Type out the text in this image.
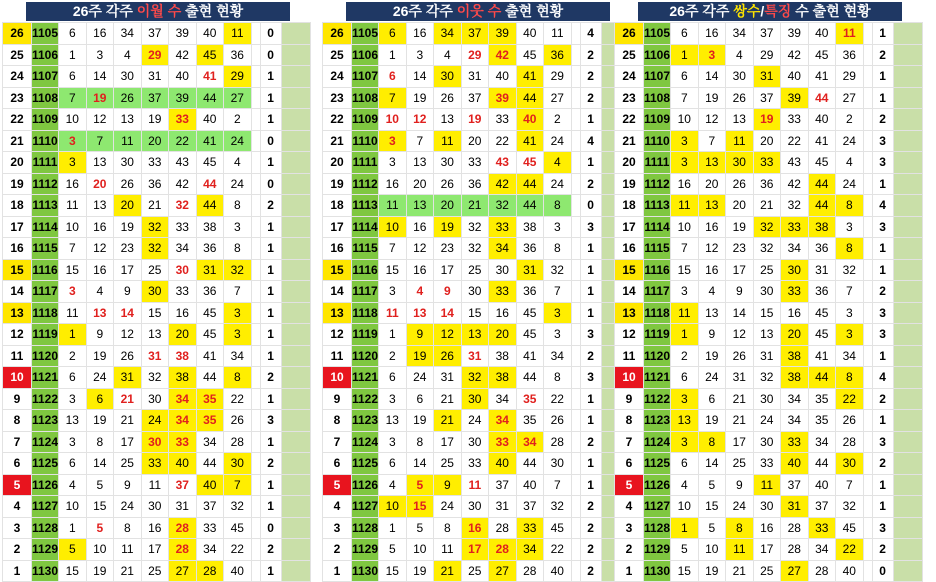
26주 각주 이월 수 출현 현황
26	1105	6	16	34	37	39	40	11		0	
25	1106	1	3	4	29	42	45	36		0	
24	1107	6	14	30	31	40	41	29		1	
23	1108	7	19	26	37	39	44	27		1	
22	1109	10	12	13	19	33	40	2		1	
21	1110	3	7	11	20	22	41	24		0	
20	1111	3	13	30	33	43	45	4		1	
19	1112	16	20	26	36	42	44	24		0	
18	1113	11	13	20	21	32	44	8		2	
17	1114	10	16	19	32	33	38	3		1	
16	1115	7	12	23	32	34	36	8		1	
15	1116	15	16	17	25	30	31	32		1	
14	1117	3	4	9	30	33	36	7		1	
13	1118	11	13	14	15	16	45	3		1	
12	1119	1	9	12	13	20	45	3		1	
11	1120	2	19	26	31	38	41	34		1	
10	1121	6	24	31	32	38	44	8		2	
9	1122	3	6	21	30	34	35	22		1	
8	1123	13	19	21	24	34	35	26		3	
7	1124	3	8	17	30	33	34	28		1	
6	1125	6	14	25	33	40	44	30		2	
5	1126	4	5	9	11	37	40	7		1	
4	1127	10	15	24	30	31	37	32		1	
3	1128	1	5	8	16	28	33	45		0	
2	1129	5	10	11	17	28	34	22		2	
1	1130	15	19	21	25	27	28	40		1	
26주 각주 이웃 수 출현 현황
26	1105	6	16	34	37	39	40	11		4	
25	1106	1	3	4	29	42	45	36		2	
24	1107	6	14	30	31	40	41	29		2	
23	1108	7	19	26	37	39	44	27		2	
22	1109	10	12	13	19	33	40	2		1	
21	1110	3	7	11	20	22	41	24		4	
20	1111	3	13	30	33	43	45	4		1	
19	1112	16	20	26	36	42	44	24		2	
18	1113	11	13	20	21	32	44	8		0	
17	1114	10	16	19	32	33	38	3		3	
16	1115	7	12	23	32	34	36	8		1	
15	1116	15	16	17	25	30	31	32		1	
14	1117	3	4	9	30	33	36	7		1	
13	1118	11	13	14	15	16	45	3		1	
12	1119	1	9	12	13	20	45	3		3	
11	1120	2	19	26	31	38	41	34		2	
10	1121	6	24	31	32	38	44	8		3	
9	1122	3	6	21	30	34	35	22		1	
8	1123	13	19	21	24	34	35	26		1	
7	1124	3	8	17	30	33	34	28		2	
6	1125	6	14	25	33	40	44	30		1	
5	1126	4	5	9	11	37	40	7		1	
4	1127	10	15	24	30	31	37	32		2	
3	1128	1	5	8	16	28	33	45		2	
2	1129	5	10	11	17	28	34	22		2	
1	1130	15	19	21	25	27	28	40		2	
26주 각주 쌍수/특징 수 출현 현황
26	1105	6	16	34	37	39	40	11		1	
25	1106	1	3	4	29	42	45	36		2	
24	1107	6	14	30	31	40	41	29		1	
23	1108	7	19	26	37	39	44	27		1	
22	1109	10	12	13	19	33	40	2		2	
21	1110	3	7	11	20	22	41	24		3	
20	1111	3	13	30	33	43	45	4		3	
19	1112	16	20	26	36	42	44	24		1	
18	1113	11	13	20	21	32	44	8		4	
17	1114	10	16	19	32	33	38	3		3	
16	1115	7	12	23	32	34	36	8		1	
15	1116	15	16	17	25	30	31	32		1	
14	1117	3	4	9	30	33	36	7		2	
13	1118	11	13	14	15	16	45	3		3	
12	1119	1	9	12	13	20	45	3		3	
11	1120	2	19	26	31	38	41	34		1	
10	1121	6	24	31	32	38	44	8		4	
9	1122	3	6	21	30	34	35	22		2	
8	1123	13	19	21	24	34	35	26		1	
7	1124	3	8	17	30	33	34	28		3	
6	1125	6	14	25	33	40	44	30		2	
5	1126	4	5	9	11	37	40	7		1	
4	1127	10	15	24	30	31	37	32		1	
3	1128	1	5	8	16	28	33	45		3	
2	1129	5	10	11	17	28	34	22		2	
1	1130	15	19	21	25	27	28	40		0	
